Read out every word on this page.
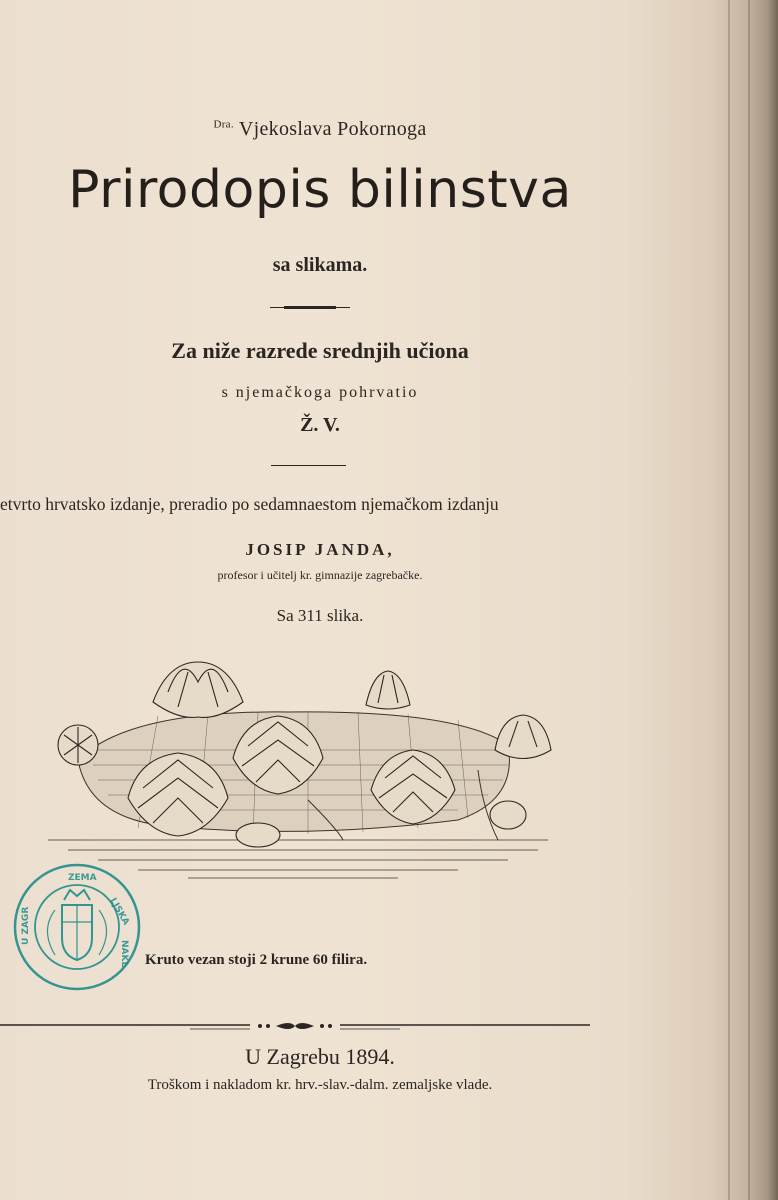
$^{Dra.}$ Vjekoslava Pokornoga
Prirodopis bilinstva
sa slikama.
Za niže razrede srednjih učiona
s njemačkoga pohrvatio
Ž. V.
etvrto hrvatsko izdanje, preradio po sedamnaestom njemačkom izdanju
JOSIP JANDA,
profesor i učitelj kr. gimnazije zagrebačke.
Sa 311 slika.
ZEMA
LJSKA
NAKL
U ZAGR
Kruto vezan stoji 2 krune 60 filira.
U Zagrebu 1894.
Troškom i nakladom kr. hrv.-slav.-dalm. zemaljske vlade.
